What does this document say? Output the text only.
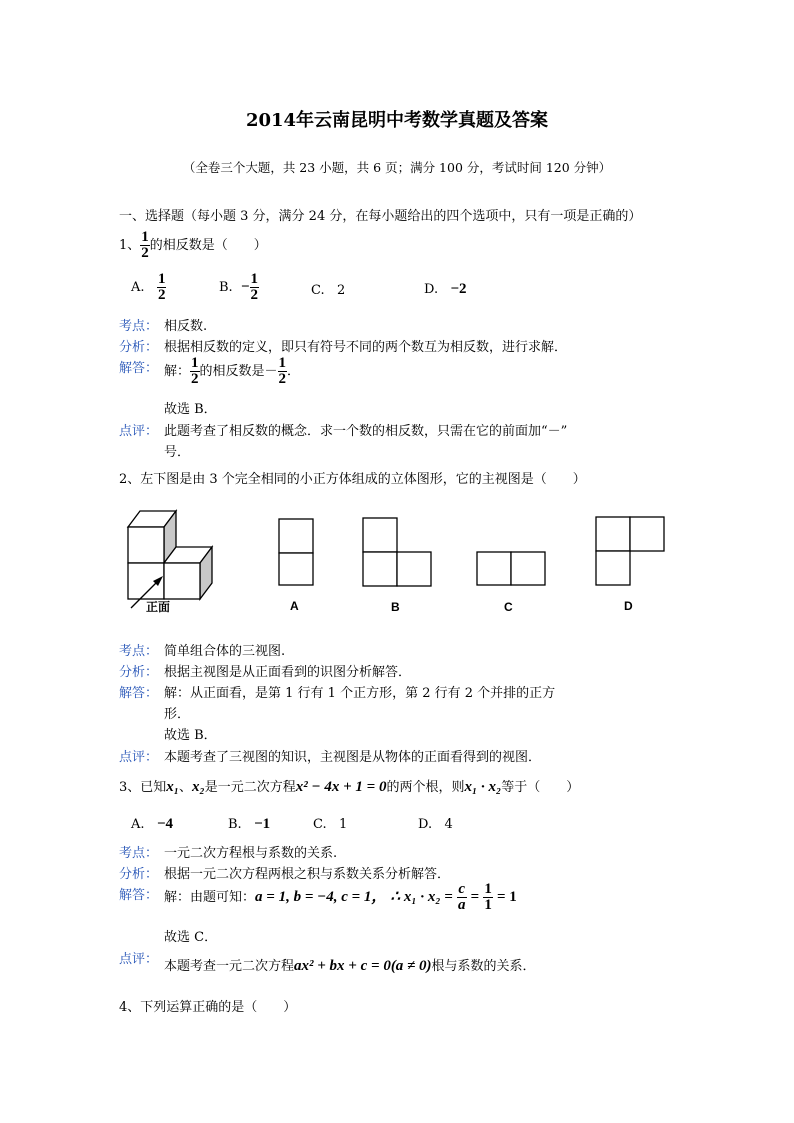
2014年云南昆明中考数学真题及答案
（全卷三个大题，共 23 小题，共 6 页；满分 100 分，考试时间 120 分钟）
一、选择题（每小题 3 分，满分 24 分，在每小题给出的四个选项中，只有一项是正确的）
1、 $\frac{1}{2}$ 的相反数是（　　）
A. $\frac{1}{2}$	B. − $\frac{1}{2}$	C. 2	D. −2
考点： 相反数.
分析： 根据相反数的定义，即只有符号不同的两个数互为相反数，进行求解．
解答： 解： $\frac{1}{2}$ 的相反数是－ $\frac{1}{2}$ ．
故选 B．
点评： 此题考查了相反数的概念．求一个数的相反数，只需在它的前面加“－”
号．
2、左下图是由 3 个完全相同的小正方体组成的立体图形，它的主视图是（　　）
正面	A	B	C	D
考点： 简单组合体的三视图.
分析： 根据主视图是从正面看到的识图分析解答．
解答： 解：从正面看，是第 1 行有 1 个正方形，第 2 行有 2 个并排的正方
形．
故选 B．
点评： 本题考查了三视图的知识，主视图是从物体的正面看得到的视图．
3、已知x₁、x₂是一元二次方程x² − 4x + 1 = 0的两个根，则x₁ · x₂等于（　　）
A. −4	B. −1	C. 1	D. 4
考点： 一元二次方程根与系数的关系.
分析： 根据一元二次方程两根之积与系数关系分析解答．
解答： 解：由题可知：a = 1, b = −4, c = 1， ∴ $x_1 \cdot x_2 = \frac{c}{a} = \frac{1}{1} = 1$
故选 C．
点评： 本题考查一元二次方程ax² + bx + c = 0(a ≠ 0)根与系数的关系．
4、下列运算正确的是（　　）
